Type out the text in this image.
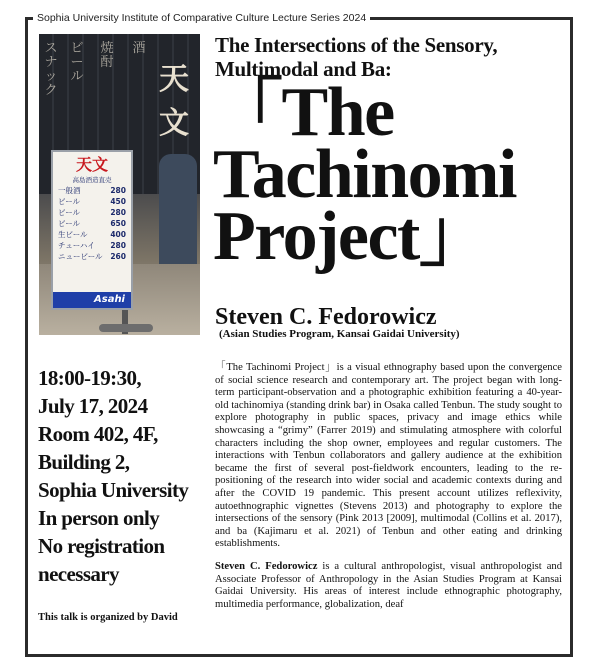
Sophia University Institute of Comparative Culture Lecture Series 2024
スナック
ビール
焼酎
酒
天文
天文
高島酒造直売
一般酒	280
ビール	450
ビール	280
ビール	650
生ビール	400
チューハイ 280
ニュービール 260
Asahi
The Intersections of the Sensory, Multimodal and Ba:
「The
Tachinomi
Project」
Steven C. Fedorowicz
(Asian Studies Program, Kansai Gaidai University)
18:00-19:30,
July 17, 2024
Room 402, 4F,
Building 2,
Sophia University
In person only
No registration
necessary
This talk is organized by David

「The Tachinomi Project」is a visual ethnography based upon the convergence of social science research and contemporary art. The project began with long-term participant-observation and a photographic exhibition featuring a 40-year-old tachinomiya (standing drink bar) in Osaka called Tenbun. The study sought to explore photography in public spaces, privacy and image ethics while showcasing a “grimy” (Farrer 2019) and stimulating atmosphere with colorful characters including the shop owner, employees and regular customers. The interactions with Tenbun collaborators and gallery audience at the exhibition became the first of several post-fieldwork encounters, leading to the re-positioning of the research into wider social and academic contexts during and after the COVID 19 pandemic. This present account utilizes reflexivity, autoethnographic vignettes (Stevens 2013) and photography to explore the intersections of the sensory (Pink 2013 [2009], multimodal (Collins et al. 2017), and ba (Kajimaru et al. 2021) of Tenbun and other eating and drinking establishments.

Steven C. Fedorowicz is a cultural anthropologist, visual anthropologist and Associate Professor of Anthropology in the Asian Studies Program at Kansai Gaidai University. His areas of interest include ethnographic photography, multimedia performance, globalization, deaf
